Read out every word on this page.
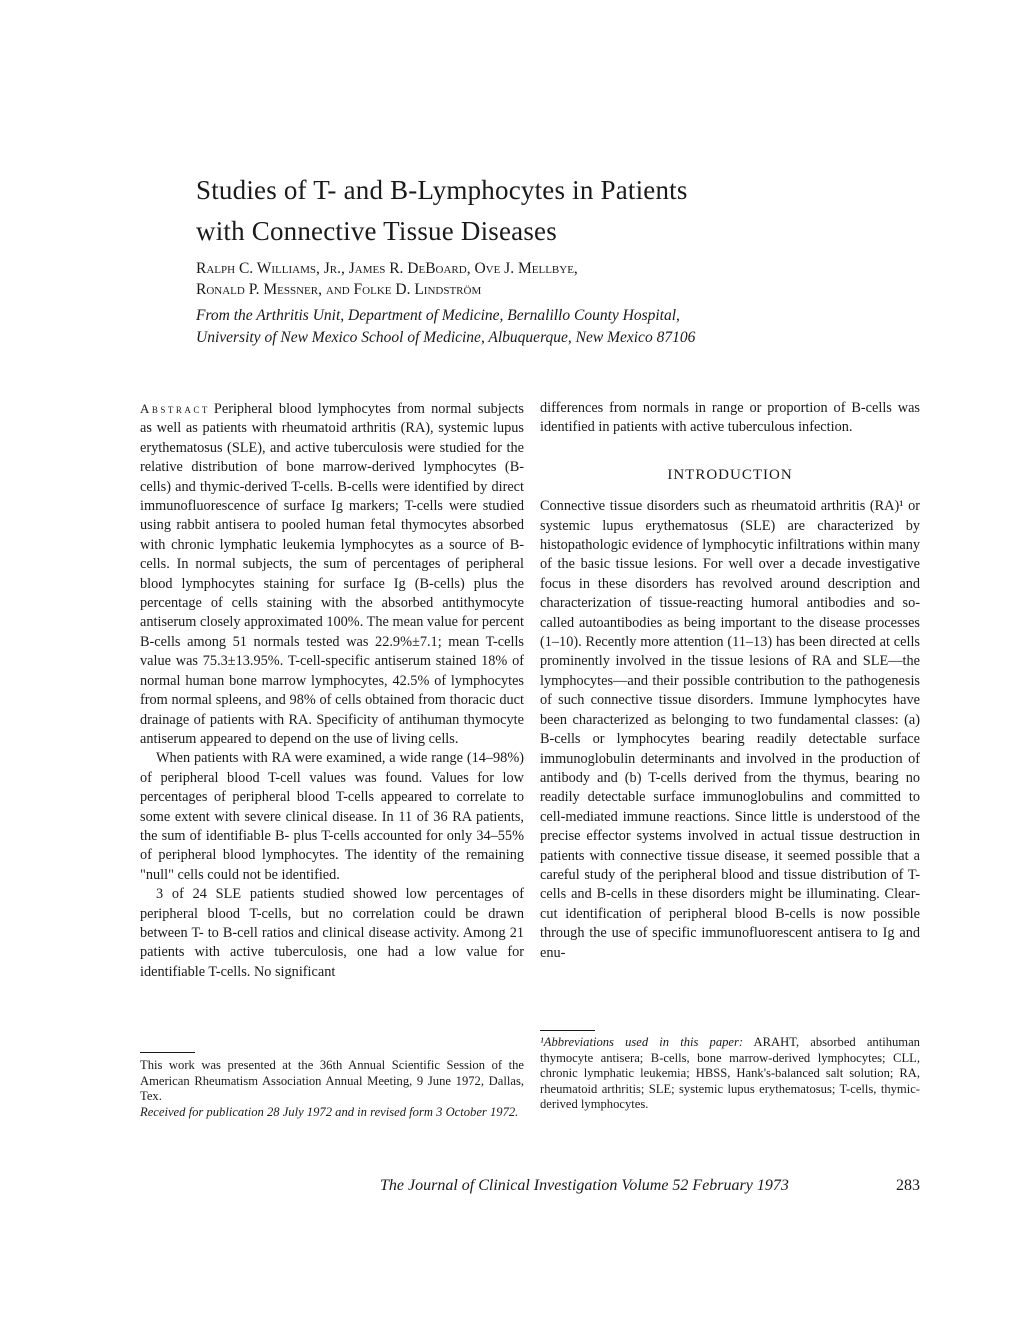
Studies of T- and B-Lymphocytes in Patients
with Connective Tissue Diseases
Ralph C. Williams, Jr., James R. DeBoard, Ove J. Mellbye,
Ronald P. Messner, and Folke D. Lindström
From the Arthritis Unit, Department of Medicine, Bernalillo County Hospital,
University of New Mexico School of Medicine, Albuquerque, New Mexico 87106

Abstract Peripheral blood lymphocytes from normal subjects as well as patients with rheumatoid arthritis (RA), systemic lupus erythematosus (SLE), and active tuberculosis were studied for the relative distribution of bone marrow-derived lymphocytes (B-cells) and thymic-derived T-cells. B-cells were identified by direct immunofluorescence of surface Ig markers; T-cells were studied using rabbit antisera to pooled human fetal thymocytes absorbed with chronic lymphatic leukemia lymphocytes as a source of B-cells. In normal subjects, the sum of percentages of peripheral blood lymphocytes staining for surface Ig (B-cells) plus the percentage of cells staining with the absorbed antithymocyte antiserum closely approximated 100%. The mean value for percent B-cells among 51 normals tested was 22.9%±7.1; mean T-cells value was 75.3±13.95%. T-cell-specific antiserum stained 18% of normal human bone marrow lymphocytes, 42.5% of lymphocytes from normal spleens, and 98% of cells obtained from thoracic duct drainage of patients with RA. Specificity of antihuman thymocyte antiserum appeared to depend on the use of living cells.

When patients with RA were examined, a wide range (14–98%) of peripheral blood T-cell values was found. Values for low percentages of peripheral blood T-cells appeared to correlate to some extent with severe clinical disease. In 11 of 36 RA patients, the sum of identifiable B- plus T-cells accounted for only 34–55% of peripheral blood lymphocytes. The identity of the remaining "null" cells could not be identified.

3 of 24 SLE patients studied showed low percentages of peripheral blood T-cells, but no correlation could be drawn between T- to B-cell ratios and clinical disease activity. Among 21 patients with active tuberculosis, one had a low value for identifiable T-cells. No significant

This work was presented at the 36th Annual Scientific Session of the American Rheumatism Association Annual Meeting, 9 June 1972, Dallas, Tex.

Received for publication 28 July 1972 and in revised form 3 October 1972.

differences from normals in range or proportion of B-cells was identified in patients with active tuberculous infection.

INTRODUCTION

Connective tissue disorders such as rheumatoid arthritis (RA)¹ or systemic lupus erythematosus (SLE) are characterized by histopathologic evidence of lymphocytic infiltrations within many of the basic tissue lesions. For well over a decade investigative focus in these disorders has revolved around description and characterization of tissue-reacting humoral antibodies and so-called autoantibodies as being important to the disease processes (1–10). Recently more attention (11–13) has been directed at cells prominently involved in the tissue lesions of RA and SLE—the lymphocytes—and their possible contribution to the pathogenesis of such connective tissue disorders. Immune lymphocytes have been characterized as belonging to two fundamental classes: (a) B-cells or lymphocytes bearing readily detectable surface immunoglobulin determinants and involved in the production of antibody and (b) T-cells derived from the thymus, bearing no readily detectable surface immunoglobulins and committed to cell-mediated immune reactions. Since little is understood of the precise effector systems involved in actual tissue destruction in patients with connective tissue disease, it seemed possible that a careful study of the peripheral blood and tissue distribution of T-cells and B-cells in these disorders might be illuminating. Clear-cut identification of peripheral blood B-cells is now possible through the use of specific immunofluorescent antisera to Ig and enu-

¹Abbreviations used in this paper: ARAHT, absorbed antihuman thymocyte antisera; B-cells, bone marrow-derived lymphocytes; CLL, chronic lymphatic leukemia; HBSS, Hank's-balanced salt solution; RA, rheumatoid arthritis; SLE; systemic lupus erythematosus; T-cells, thymic-derived lymphocytes.
The Journal of Clinical Investigation Volume 52 February 1973	283
